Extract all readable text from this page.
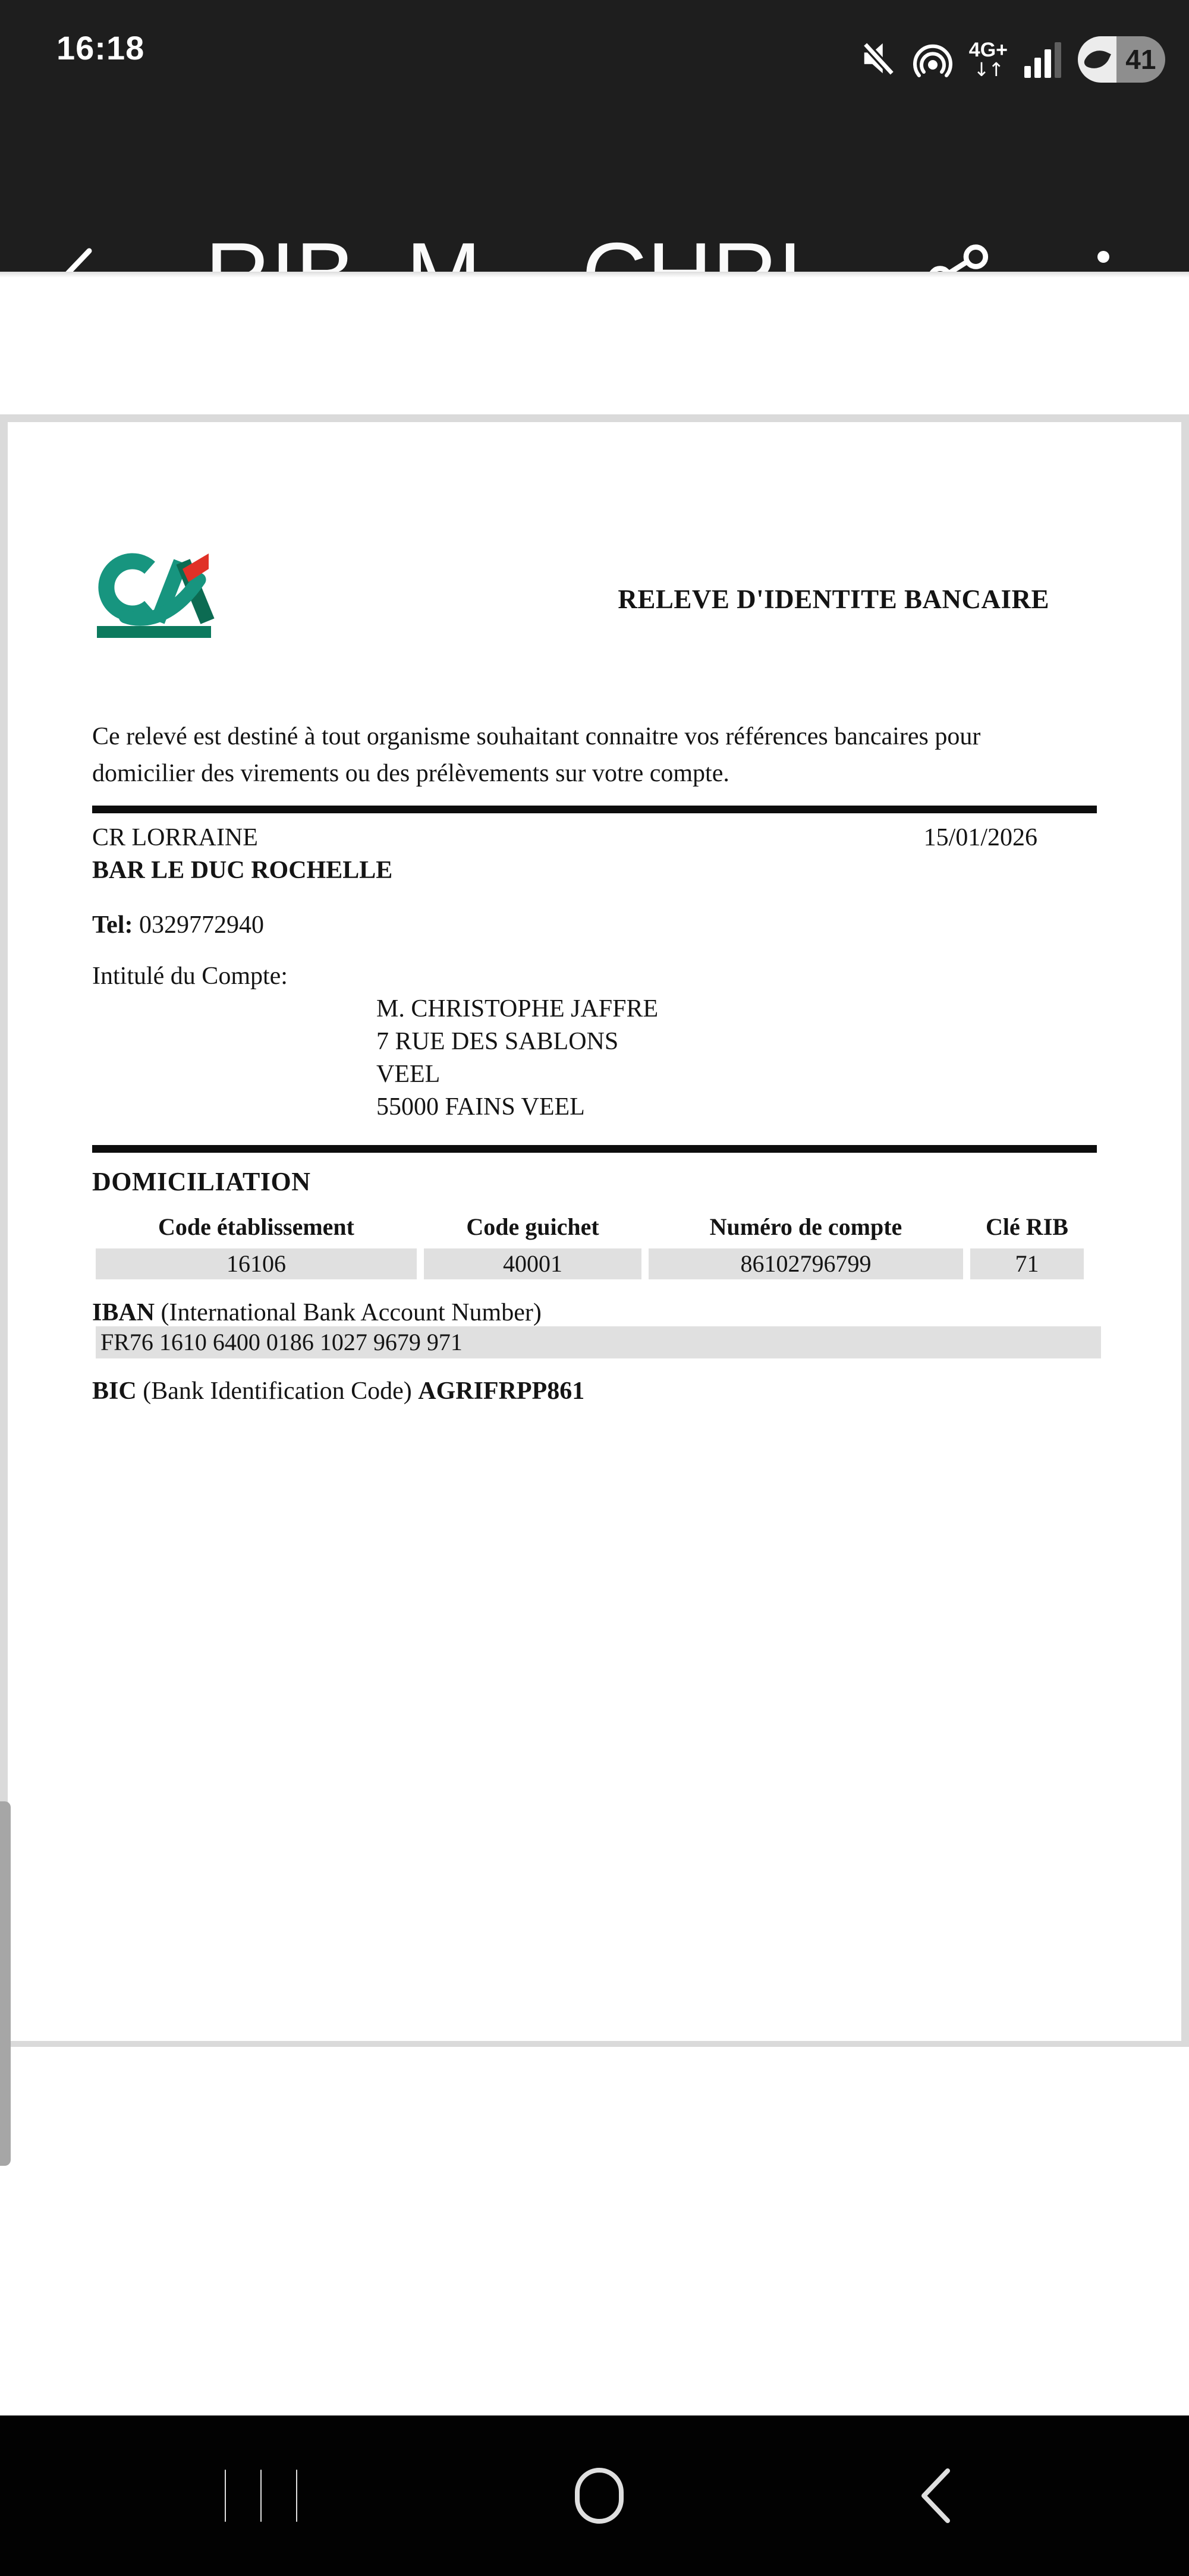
16:18	4G+
↓↑	41
RELEVE D'IDENTITE BANCAIRE
Ce relevé est destiné à tout organisme souhaitant connaitre vos références bancaires pour
domicilier des virements ou des prélèvements sur votre compte.
CR LORRAINE	15/01/2026
BAR LE DUC ROCHELLE
Tel: 0329772940
Intitulé du Compte:
M. CHRISTOPHE JAFFRE
7 RUE DES SABLONS
VEEL
55000 FAINS VEEL
DOMICILIATION
Code établissement	Code guichet	Numéro de compte	Clé RIB
16106	40001	86102796799	71
IBAN (International Bank Account Number)
FR76 1610 6400 0186 1027 9679 971
BIC (Bank Identification Code) AGRIFRPP861
